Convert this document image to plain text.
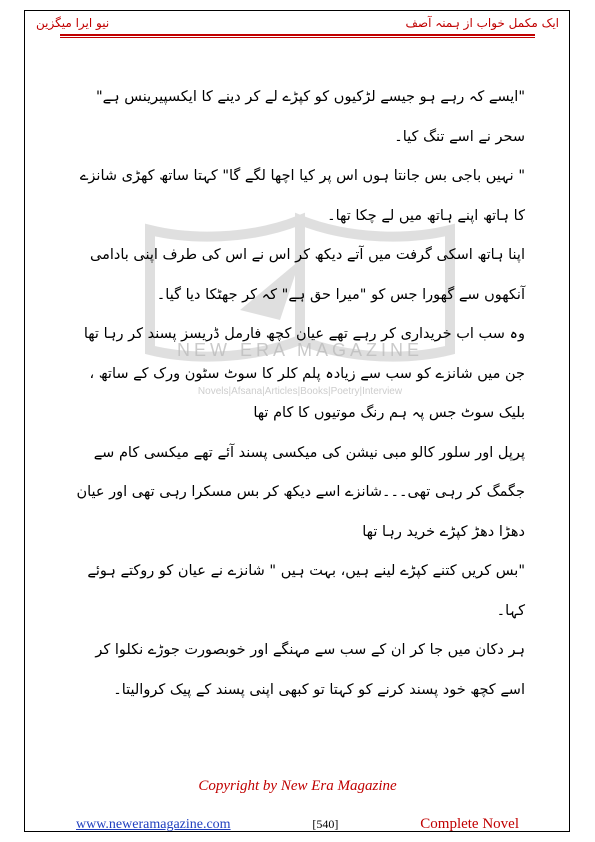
ایک مکمل خواب از ہمنہ آصف
نیو ایرا میگزین
NEW ERA MAGAZINE
Novels|Afsana|Articles|Books|Poetry|Interview

"ایسے کہ رہے ہو جیسے لڑکیوں کو کپڑے لے کر دینے کا ایکسپیرینس ہے" سحر نے اسے تنگ کیا۔

" نہیں باجی بس جانتا ہوں اس پر کیا اچھا لگے گا" کہتا ساتھ کھڑی شانزے کا ہاتھ اپنے ہاتھ میں لے چکا تھا۔

اپنا ہاتھ اسکی گرفت میں آتے دیکھ کر اس نے اس کی طرف اپنی بادامی آنکھوں سے گھورا جس کو "میرا حق ہے" کہ کر جھٹکا دیا گیا۔

وہ سب اب خریداری کر رہے تھے عیان کچھ فارمل ڈریسز پسند کر رہا تھا

جن میں شانزے کو سب سے زیادہ پلم کلر کا سوٹ سٹون ورک کے ساتھ ، بلیک سوٹ جس پہ ہم رنگ موتیوں کا کام تھا

پرپل اور سلور کالو مبی نیشن کی میکسی پسند آئے تھے میکسی کام سے جگمگ کر رہی تھی۔۔۔شانزے اسے دیکھ کر بس مسکرا رہی تھی اور عیان دھڑا دھڑ کپڑے خرید رہا تھا

"بس کریں کتنے کپڑے لینے ہیں، بہت ہیں " شانزے نے عیان کو روکتے ہوئے کہا۔

ہر دکان میں جا کر ان کے سب سے مہنگے اور خوبصورت جوڑے نکلوا کر اسے کچھ خود پسند کرنے کو کہتا تو کبھی اپنی پسند کے پیک کروالیتا۔

Copyright by New Era Magazine
www.neweramagazine.com	[540]	Complete Novel
